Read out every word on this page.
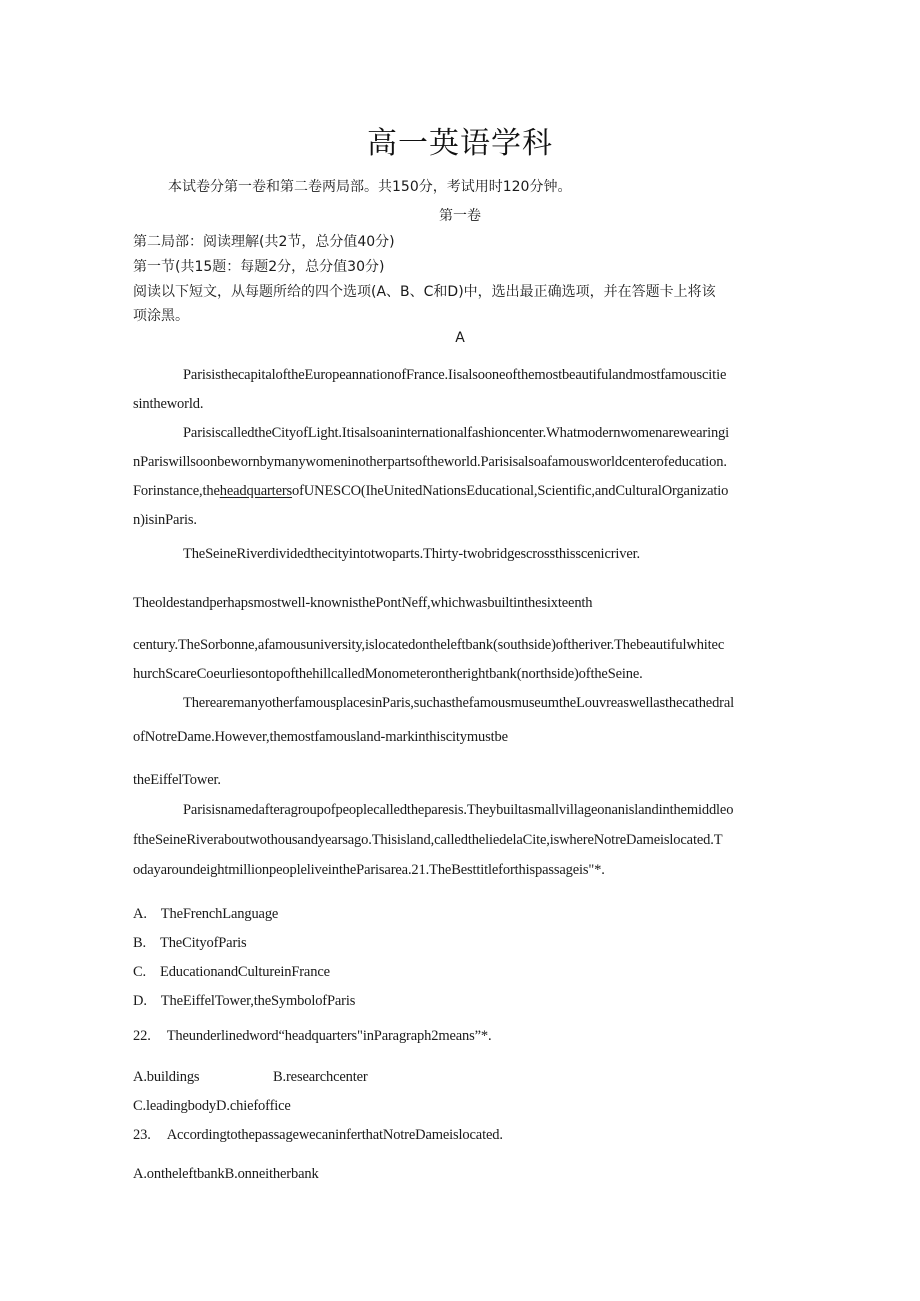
高一英语学科
本试卷分第一卷和第二卷两局部。共150分，考试用时120分钟。
第一卷
第二局部：阅读理解(共2节，总分值40分)
第一节(共15题：每题2分，总分值30分)
阅读以下短文，从每题所给的四个选项(A、B、C和D)中，选出最正确选项，并在答题卡上将该
项涂黑。
A
ParisisthecapitaloftheEuropeannationofFrance.Iisalsooneofthemostbeautifulandmostfamouscitie
sintheworld.
ParisiscalledtheCityofLight.Itisalsoaninternationalfashioncenter.Whatmodernwomenarewearingi
nPariswillsoonbewornbymanywomeninotherpartsoftheworld.Parisisalsoafamousworldcenterofeducation.
Forinstance,theheadquartersofUNESCO(IheUnitedNationsEducational,Scientific,andCulturalOrganizatio
n)isinParis.
TheSeineRiverdividedthecityintotwoparts.Thirty-twobridgescrossthisscenicriver.
Theoldestandperhapsmostwell-knownisthePontNeff,whichwasbuiltinthesixteenth
century.TheSorbonne,afamousuniversity,islocatedontheleftbank(southside)oftheriver.Thebeautifulwhitec
hurchScareCoeurliesontopofthehillcalledMonometerontherightbank(northside)oftheSeine.
TherearemanyotherfamousplacesinParis,suchasthefamousmuseumtheLouvreaswellasthecathedral
ofNotreDame.However,themostfamousland-markinthiscitymustbe
theEiffelTower.
Parisisnamedafteragroupofpeoplecalledtheparesis.Theybuiltasmallvillageonanislandinthemiddleo
ftheSeineRiveraboutwothousandyearsago.Thisisland,calledtheliedelaCite,iswhereNotreDameislocated.T
odayaroundeightmillionpeopleliveintheParisarea.21.TheBesttitleforthispassageis"*.
A. TheFrenchLanguage
B. TheCityofParis
C. EducationandCultureinFrance
D. TheEiffelTower,theSymbolofParis
22. Theunderlinedword“headquarters"inParagraph2means”*.
A.buildings	B.researchcenter
C.leadingbodyD.chiefoffice
23. AccordingtothepassagewecaninferthatNotreDameislocated.
A.ontheleftbankB.onneitherbank
